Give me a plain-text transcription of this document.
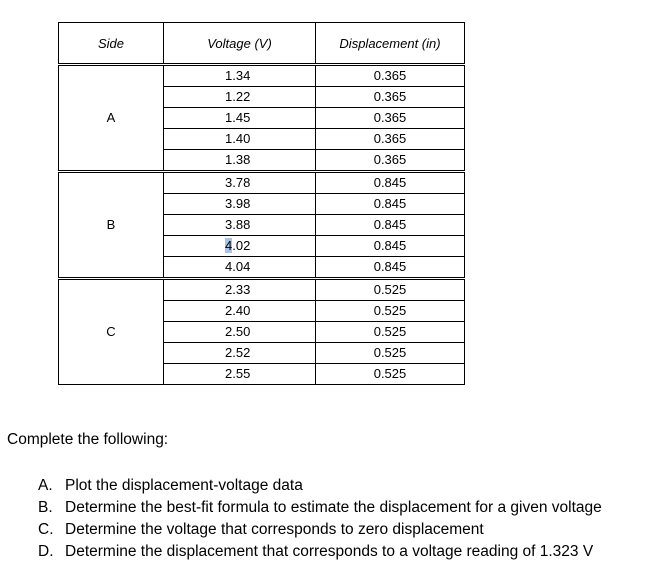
Side	Voltage (V)	Displacement (in)
A	1.34	0.365
	1.22	0.365
	1.45	0.365
	1.40	0.365
	1.38	0.365
B	3.78	0.845
	3.98	0.845
	3.88	0.845
	4.02	0.845
	4.04	0.845
C	2.33	0.525
	2.40	0.525
	2.50	0.525
	2.52	0.525
	2.55	0.525

Complete the following:

A. Plot the displacement-voltage data
B. Determine the best-fit formula to estimate the displacement for a given voltage
C. Determine the voltage that corresponds to zero displacement
D. Determine the displacement that corresponds to a voltage reading of 1.323 V
